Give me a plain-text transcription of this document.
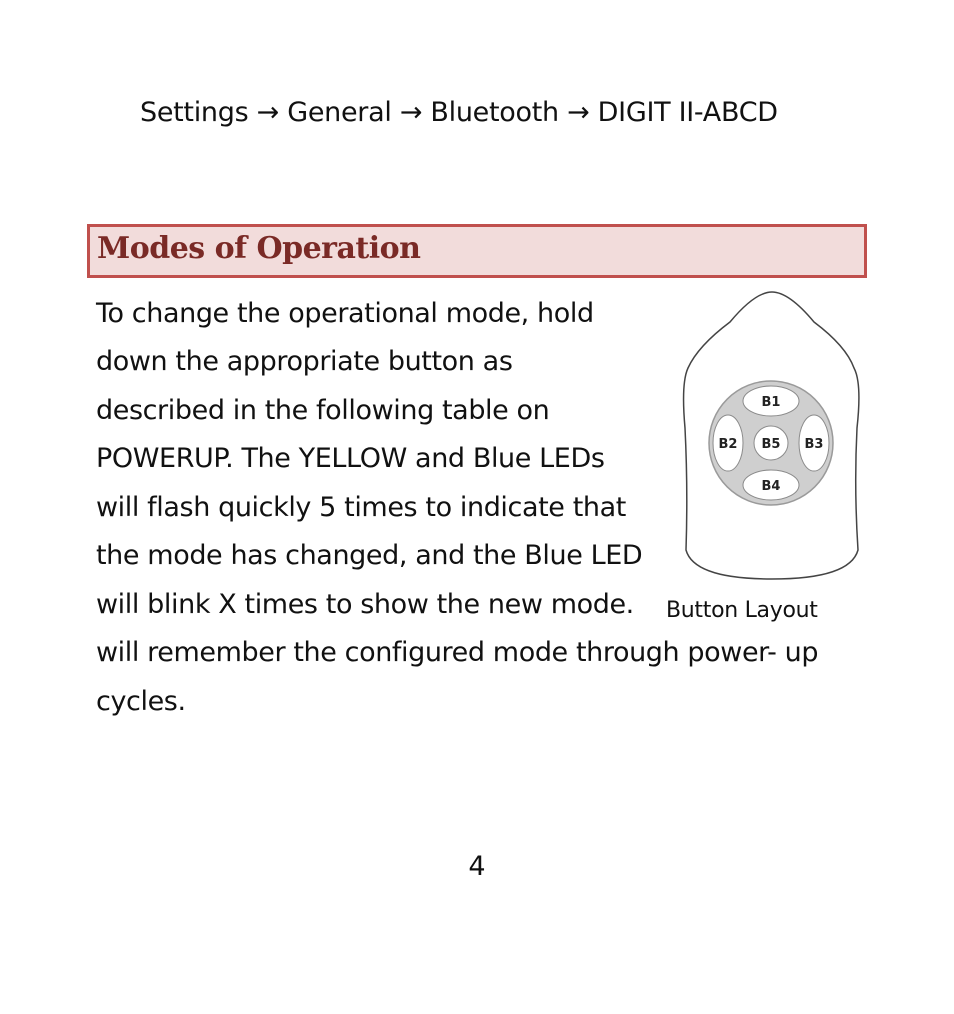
Settings → General → Bluetooth → DIGIT II-ABCD
Modes of Operation
To change the operational mode, hold
down the appropriate button as
described in the following table on
POWERUP. The YELLOW and Blue LEDs
will flash quickly 5 times to indicate that
the mode has changed, and the Blue LED
will blink X times to show the new mode.
will remember the configured mode through power- up
cycles.
B1
B2 B5 B3
B4
Button Layout
4
